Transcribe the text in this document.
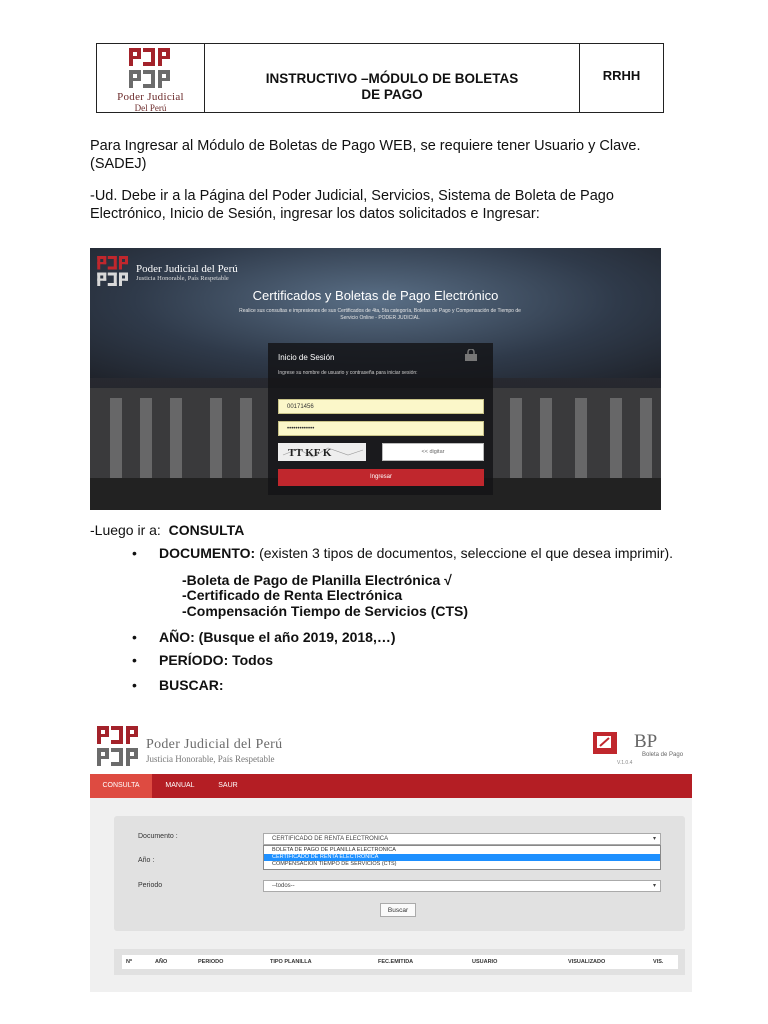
Poder Judicial
Del Perú
INSTRUCTIVO –MÓDULO DE BOLETAS
DE PAGO
RRHH
Para Ingresar al Módulo de Boletas de Pago WEB, se requiere tener Usuario y Clave.
(SADEJ)
-Ud. Debe ir a la Página del Poder Judicial, Servicios, Sistema de Boleta de Pago
Electrónico, Inicio de Sesión, ingresar los datos solicitados e Ingresar:
Poder Judicial del Perú
Justicia Honorable, País Respetable
Certificados y Boletas de Pago Electrónico
Realice sus consultas e impresiones de sus Certificados de 4ta, 5ta categoría, Boletas de Pago y Compensación de Tiempo de Servicio Online - PODER JUDICIAL
Inicio de Sesión
Ingrese su nombre de usuario y contraseña para iniciar sesión:
00171456
•••••••••••••
TT KF K	<< digitar
Ingresar
-Luego ir a:  CONSULTA
DOCUMENTO: (existen 3 tipos de documentos, seleccione el que desea imprimir).
-Boleta de Pago de Planilla Electrónica √
-Certificado de Renta Electrónica
-Compensación Tiempo de Servicios (CTS)
AÑO: (Busque el año 2019, 2018,…)
PERÍODO: Todos
BUSCAR:
Poder Judicial del Perú
Justicia Honorable, País Respetable
BP
Boleta de Pago
V.1.0.4
CONSULTA	MANUAL	SAUR
Documento :	CERTIFICADO DE RENTA ELECTRONICA	▾
BOLETA DE PAGO DE PLANILLA ELECTRONICA
CERTIFICADO DE RENTA ELECTRONICA
COMPENSACION TIEMPO DE SERVICIOS (CTS)
Año :
Periodo	--todos--	▾
Buscar
Nº	AÑO	PERIODO	TIPO PLANILLA	FEC.EMITIDA	USUARIO	VISUALIZADO	VIS.
